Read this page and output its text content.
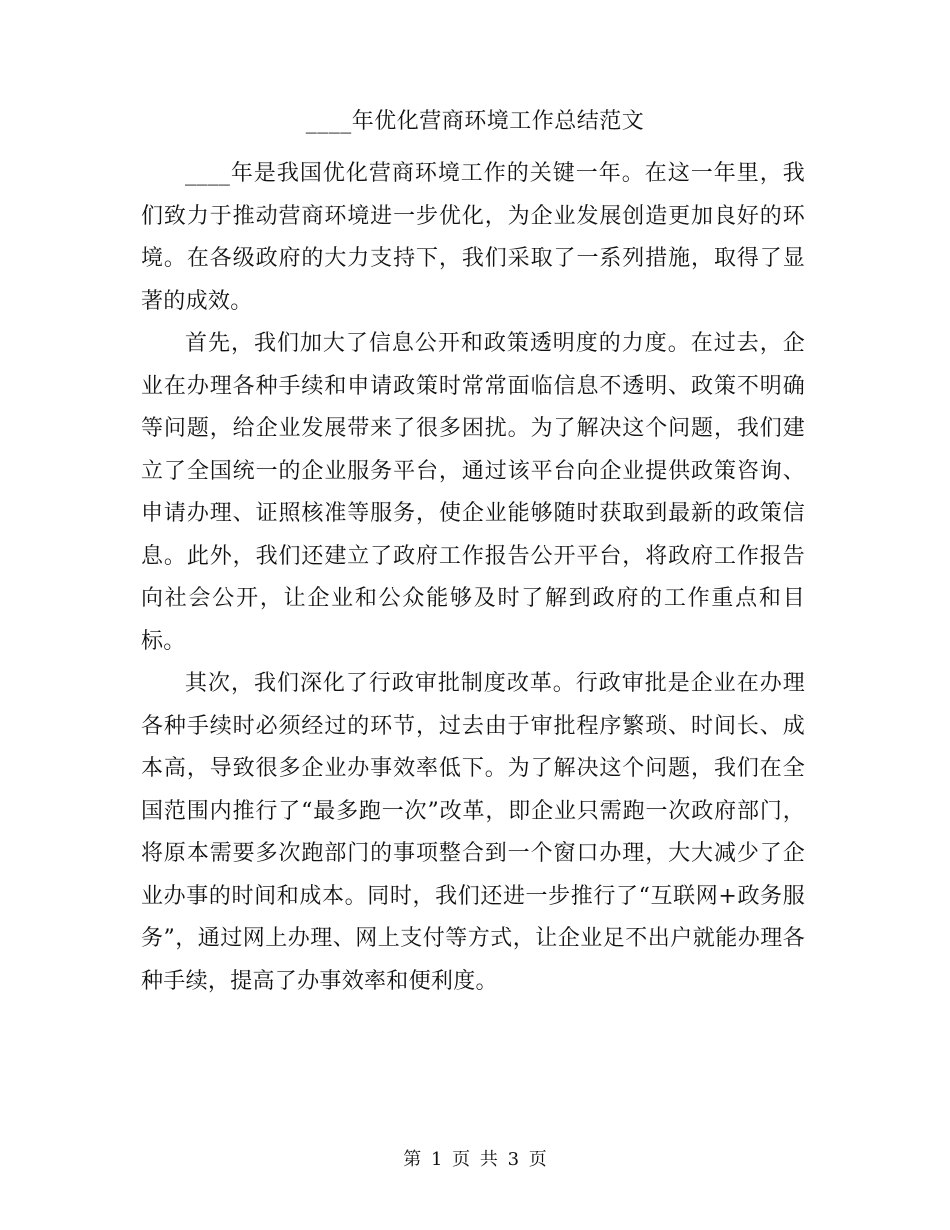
____年优化营商环境工作总结范文

____年是我国优化营商环境工作的关键一年。在这一年里，我们致力于推动营商环境进一步优化，为企业发展创造更加良好的环境。在各级政府的大力支持下，我们采取了一系列措施，取得了显著的成效。

首先，我们加大了信息公开和政策透明度的力度。在过去，企业在办理各种手续和申请政策时常常面临信息不透明、政策不明确等问题，给企业发展带来了很多困扰。为了解决这个问题，我们建立了全国统一的企业服务平台，通过该平台向企业提供政策咨询、申请办理、证照核准等服务，使企业能够随时获取到最新的政策信息。此外，我们还建立了政府工作报告公开平台，将政府工作报告向社会公开，让企业和公众能够及时了解到政府的工作重点和目标。

其次，我们深化了行政审批制度改革。行政审批是企业在办理各种手续时必须经过的环节，过去由于审批程序繁琐、时间长、成本高，导致很多企业办事效率低下。为了解决这个问题，我们在全国范围内推行了“最多跑一次”改革，即企业只需跑一次政府部门，将原本需要多次跑部门的事项整合到一个窗口办理，大大减少了企业办事的时间和成本。同时，我们还进一步推行了“互联网+政务服务”，通过网上办理、网上支付等方式，让企业足不出户就能办理各种手续，提高了办事效率和便利度。

第 1 页 共 3 页
